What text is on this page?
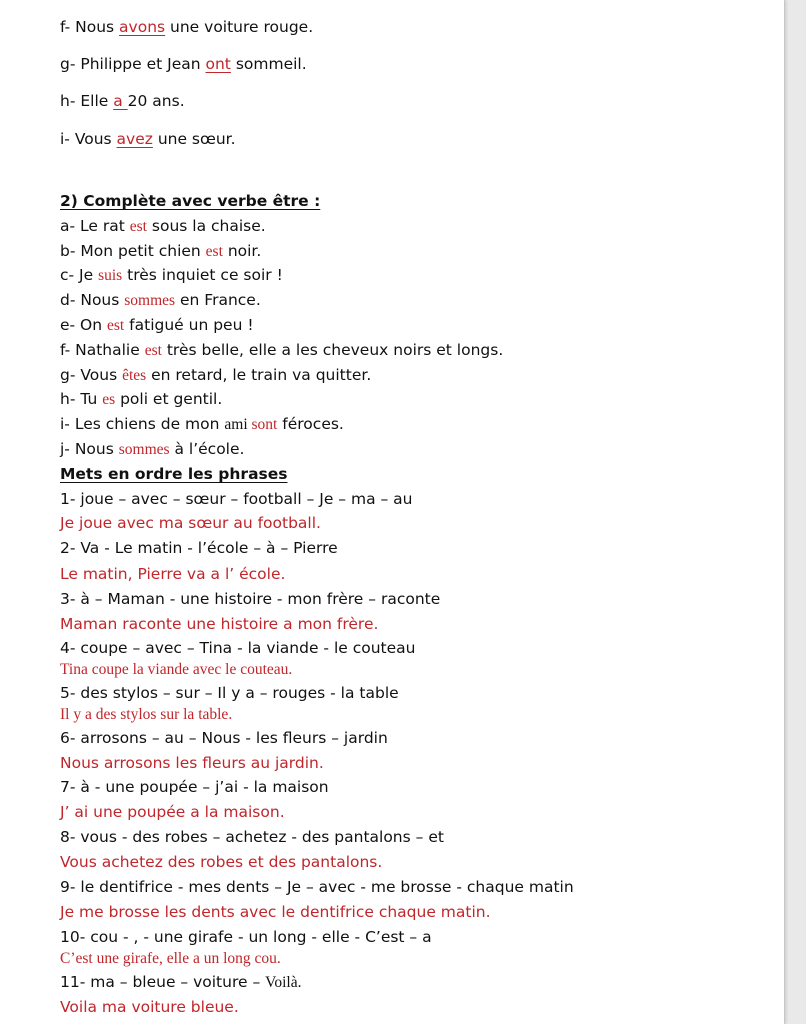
f- Nous avons une voiture rouge.
g- Philippe et Jean ont sommeil.
h- Elle a 20 ans.
i- Vous avez une sœur.
2) Complète avec verbe être :
a- Le rat est sous la chaise.
b- Mon petit chien est noir.
c- Je suis très inquiet ce soir !
d- Nous sommes en France.
e- On est fatigué un peu !
f- Nathalie est très belle, elle a les cheveux noirs et longs.
g- Vous êtes en retard, le train va quitter.
h- Tu es poli et gentil.
i- Les chiens de mon ami sont féroces.
j- Nous sommes à l’école.
Mets en ordre les phrases
1- joue – avec – sœur – football – Je – ma – au
Je joue avec ma sœur au football.
2- Va - Le matin - l’école – à – Pierre
Le matin, Pierre va a l’ école.
3- à – Maman - une histoire - mon frère – raconte
Maman raconte une histoire a mon frère.
4- coupe – avec – Tina - la viande - le couteau
Tina coupe la viande avec le couteau.
5- des stylos – sur – Il y a – rouges - la table
Il y a des stylos sur la table.
6- arrosons – au – Nous - les fleurs – jardin
Nous arrosons les fleurs au jardin.
7- à - une poupée – j’ai - la maison
J’ ai une poupée a la maison.
8- vous - des robes – achetez - des pantalons – et
Vous achetez des robes et des pantalons.
9- le dentifrice - mes dents – Je – avec - me brosse - chaque matin
Je me brosse les dents avec le dentifrice chaque matin.
10- cou - , - une girafe - un long - elle - C’est – a
C’est une girafe, elle a un long cou.
11- ma – bleue – voiture – Voilà.
Voila ma voiture bleue.
